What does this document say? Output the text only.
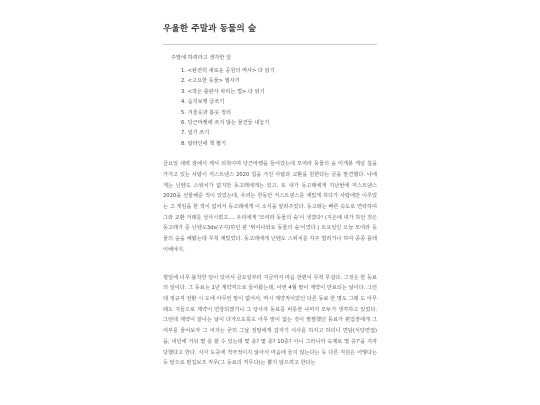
우울한 주말과 동물의 숲
주말에 하려라고 생각한 일
1. <완전히 새로운 공원의 역사> 다 읽기
2. <고요한 동물> 필사기
3. <작은 출판사 차리는 법> 다 읽기
4. 습지보행 글쓰기
5. 겨울옷과 봄옷 정리
6. 당근마켓에 쓰지 않는 물건들 내놓기
7. 일기 쓰기
8. 알라딘에 책 팔기

금요일 새벽 잠에서 깨서 뒤척이며 당근마켓을 들어갔는데 모여라 동물의 숲 미개봉 게임 칩을 가지고 있는 사람이 저스트댄스 2020 칩을 가진 사람과 교환을 원한다는 글을 발견했다. 나에게는 닌텐도 스위치가 없지만 동고래에게는 있고, 또 내가 동고래에게 지난번에 저스트댄스2020을 선물해준 적이 있었는데, 우리는 한동안 저스트댄스를 재밌게 하다가 사람에만 이루었는 고 게임을 한 적이 없어서 동고래에게 이 소식을 알려주었다. 동고래는 빠른 속도로 연락하여 그와 교환 거래를 성사시켰고.... 우리에게 '모여라 동물의 숲'이 생겼다! (지온에 내가 하던 것은 동고래가 준 닌텐도3ds(구지)하던 판 '튀어나와요 동물의 숲'이었다.) 토요일인 오늘 모여라 동물의 숲을 해봤는데 무척 재밌었다. 동고래에게 닌텐도 스위치를 자주 빌려거나 하여 종종 플레이해야지.

평일에 너무 불착한 일이 있어서 금요일부터 지금까지 마음 한편이 무척 무겁다. 그것은 한 동료의 일이다. 그 동료는 1년 계약직으로 들어왔는데, 이번 4월 말이 계약이 만료되는 날이다. 그런데 정규직 전환 시 도에 아무런 말이 없어서, 역시 계약직이었던 다른 동료 한 명도 그래 도 아무래도 지들으로 계약이 연장되겠거니 그 당사자 동료를 비롯한 나머지 모두가 생각하고 있었다. 그런데 계약이 끝나는 날이 다가오도록도 아무 말이 없는 것이 찜찜했던 동료가 편집장에게 그 여부를 물어보자 그 여자는 굳히 그날 정말에게 갑자기 식사를 하자고 하더니 면담(식당면접)을, 내년에 거뒤 몇 층 할 수 있는데 몇 층? 몇 층? 10층? 아니 그러니까 숙제로 몇 층?'을 지자당했다고 한다. 식사 도중에 적극적이지 않아서 마음에 들지 않는다는 등 다른 직원은 어떻다는 등 앞으로 편집보조 직무(그 동료의 직무다)는 뽑지 않으려고 한다는
